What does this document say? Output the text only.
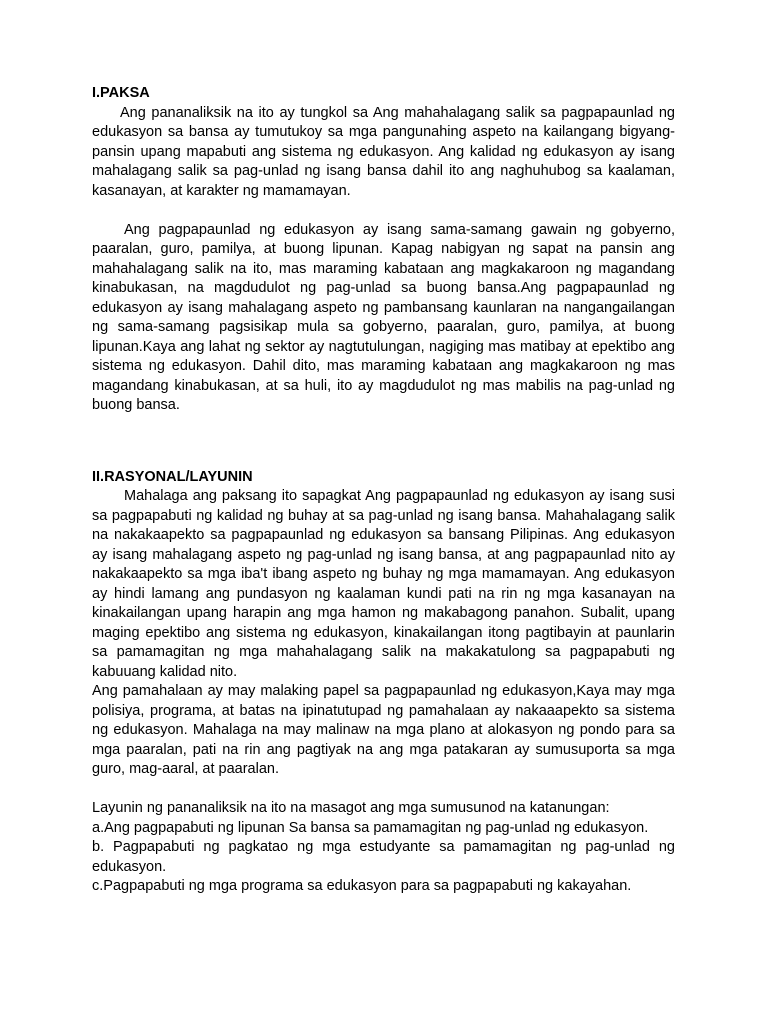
I.PAKSA

Ang pananaliksik na ito ay tungkol sa Ang mahahalagang salik sa pagpapaunlad ng edukasyon sa bansa ay tumutukoy sa mga pangunahing aspeto na kailangang bigyang-pansin upang mapabuti ang sistema ng edukasyon. Ang kalidad ng edukasyon ay isang mahalagang salik sa pag-unlad ng isang bansa dahil ito ang naghuhubog sa kaalaman, kasanayan, at karakter ng mamamayan.

Ang pagpapaunlad ng edukasyon ay isang sama-samang gawain ng gobyerno, paaralan, guro, pamilya, at buong lipunan. Kapag nabigyan ng sapat na pansin ang mahahalagang salik na ito, mas maraming kabataan ang magkakaroon ng magandang kinabukasan, na magdudulot ng pag-unlad sa buong bansa.Ang pagpapaunlad ng edukasyon ay isang mahalagang aspeto ng pambansang kaunlaran na nangangailangan ng sama-samang pagsisikap mula sa gobyerno, paaralan, guro, pamilya, at buong lipunan.Kaya ang lahat ng sektor ay nagtutulungan, nagiging mas matibay at epektibo ang sistema ng edukasyon. Dahil dito, mas maraming kabataan ang magkakaroon ng mas magandang kinabukasan, at sa huli, ito ay magdudulot ng mas mabilis na pag-unlad ng buong bansa.

II.RASYONAL/LAYUNIN

Mahalaga ang paksang ito sapagkat Ang pagpapaunlad ng edukasyon ay isang susi sa pagpapabuti ng kalidad ng buhay at sa pag-unlad ng isang bansa. Mahahalagang salik na nakakaapekto sa pagpapaunlad ng edukasyon sa bansang Pilipinas. Ang edukasyon ay isang mahalagang aspeto ng pag-unlad ng isang bansa, at ang pagpapaunlad nito ay nakakaapekto sa mga iba't ibang aspeto ng buhay ng mga mamamayan. Ang edukasyon ay hindi lamang ang pundasyon ng kaalaman kundi pati na rin ng mga kasanayan na kinakailangan upang harapin ang mga hamon ng makabagong panahon. Subalit, upang maging epektibo ang sistema ng edukasyon, kinakailangan itong pagtibayin at paunlarin sa pamamagitan ng mga mahahalagang salik na makakatulong sa pagpapabuti ng kabuuang kalidad nito.

Ang pamahalaan ay may malaking papel sa pagpapaunlad ng edukasyon,Kaya may mga polisiya, programa, at batas na ipinatutupad ng pamahalaan ay nakaaapekto sa sistema ng edukasyon. Mahalaga na may malinaw na mga plano at alokasyon ng pondo para sa mga paaralan, pati na rin ang pagtiyak na ang mga patakaran ay sumusuporta sa mga guro, mag-aaral, at paaralan.

Layunin ng pananaliksik na ito na masagot ang mga sumusunod na katanungan:

a.Ang pagpapabuti ng lipunan Sa bansa sa pamamagitan ng pag-unlad ng edukasyon.

b. Pagpapabuti ng pagkatao ng mga estudyante sa pamamagitan ng pag-unlad ng edukasyon.

c.Pagpapabuti ng mga programa sa edukasyon para sa pagpapabuti ng kakayahan.
